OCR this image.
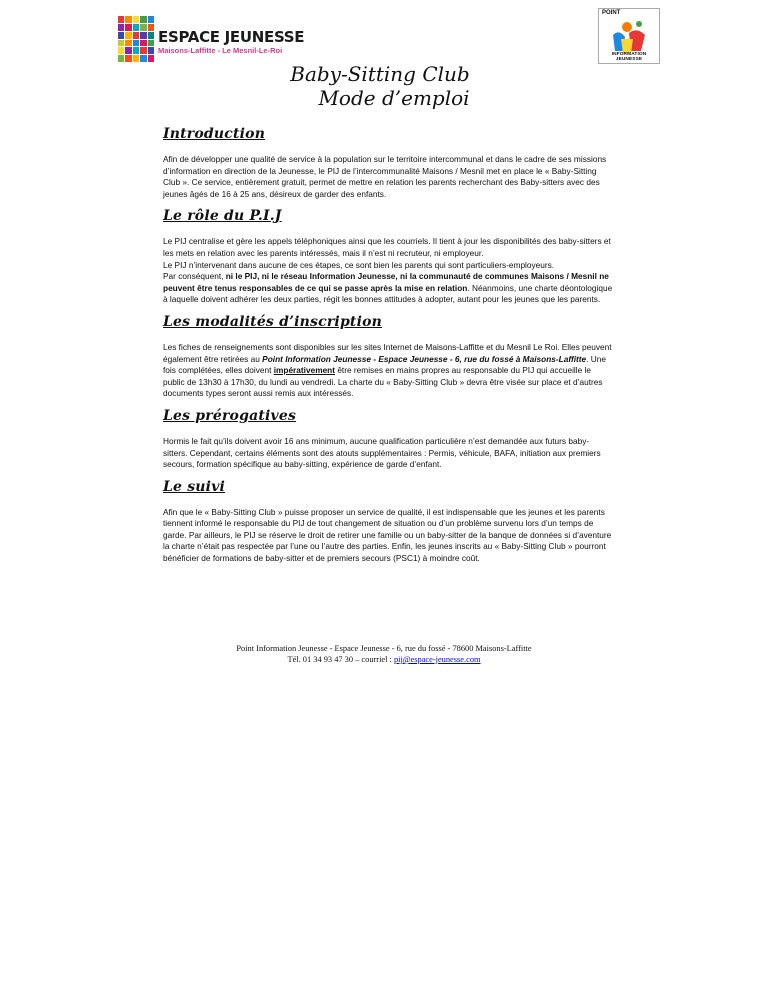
ESPACE JEUNESSE
Maisons-Laffitte - Le Mesnil-Le-Roi
POINT
INFORMATION JEUNESSE
Baby-Sitting Club
Mode d’emploi
Introduction

Afin de développer une qualité de service à la population sur le territoire intercommunal et dans le cadre de ses missions d’information en direction de la Jeunesse, le PIJ de l’intercommunalité Maisons / Mesnil met en place le « Baby-Sitting Club ». Ce service, entièrement gratuit, permet de mettre en relation les parents recherchant des Baby-sitters avec des jeunes âgés de 16 à 25 ans, désireux de garder des enfants.

Le rôle du P.I.J

Le PIJ centralise et gère les appels téléphoniques ainsi que les courriels. Il tient à jour les disponibilités des baby-sitters et les mets en relation avec les parents intéressés, mais il n’est ni recruteur, ni employeur.
Le PIJ n’intervenant dans aucune de ces étapes, ce sont bien les parents qui sont particuliers-employeurs.
Par conséquent, ni le PIJ, ni le réseau Information Jeunesse, ni la communauté de communes Maisons / Mesnil ne peuvent être tenus responsables de ce qui se passe après la mise en relation. Néanmoins, une charte déontologique à laquelle doivent adhérer les deux parties, régit les bonnes attitudes à adopter, autant pour les jeunes que les parents.

Les modalités d’inscription

Les fiches de renseignements sont disponibles sur les sites Internet de Maisons-Laffitte et du Mesnil Le Roi. Elles peuvent également être retirées au Point Information Jeunesse - Espace Jeunesse - 6, rue du fossé à Maisons-Laffitte. Une fois complétées, elles doivent impérativement être remises en mains propres au responsable du PIJ qui accueille le public de 13h30 à 17h30, du lundi au vendredi. La charte du « Baby-Sitting Club » devra être visée sur place et d’autres documents types seront aussi remis aux intéressés.

Les prérogatives

Hormis le fait qu’ils doivent avoir 16 ans minimum, aucune qualification particulière n’est demandée aux futurs baby-sitters. Cependant, certains éléments sont des atouts supplémentaires : Permis, véhicule, BAFA, initiation aux premiers secours, formation spécifique au baby-sitting, expérience de garde d’enfant.

Le suivi

Afin que le « Baby-Sitting Club » puisse proposer un service de qualité, il est indispensable que les jeunes et les parents tiennent informé le responsable du PIJ de tout changement de situation ou d’un problème survenu lors d’un temps de garde. Par ailleurs, le PIJ se réserve le droit de retirer une famille ou un baby-sitter de la banque de données si d’aventure la charte n’était pas respectée par l’une ou l’autre des parties. Enfin, les jeunes inscrits au « Baby-Sitting Club » pourront bénéficier de formations de baby-sitter et de premiers secours (PSC1) à moindre coût.

Point Information Jeunesse - Espace Jeunesse - 6, rue du fossé - 78600 Maisons-Laffitte
Tél. 01 34 93 47 30 – courriel : pij@espace-jeunesse.com
